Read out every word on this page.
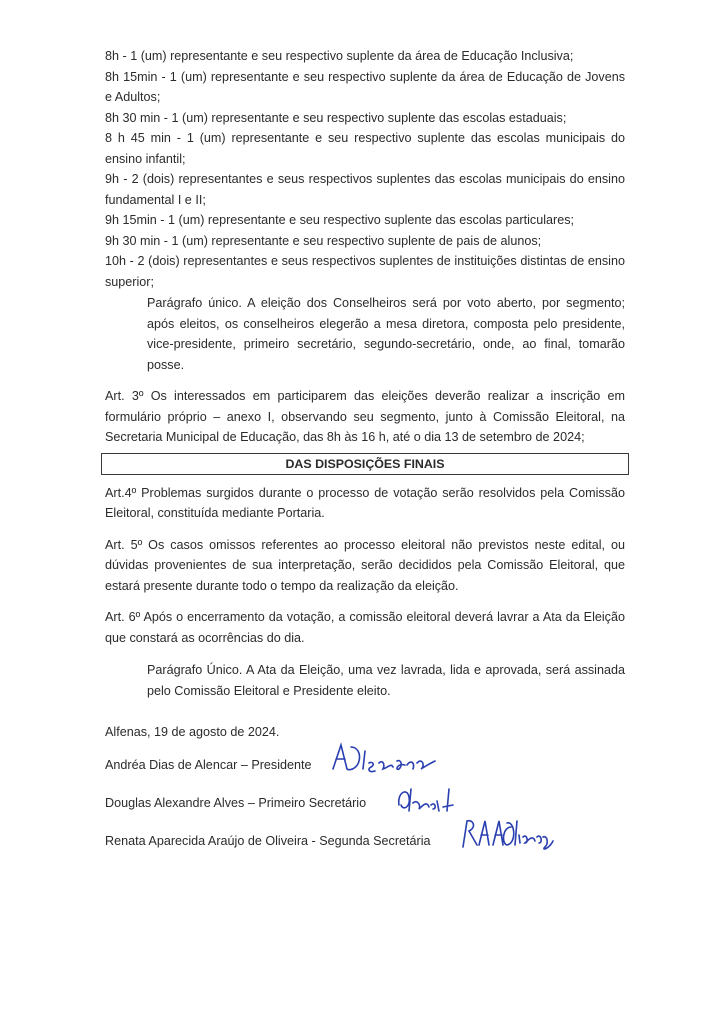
8h - 1 (um) representante e seu respectivo suplente da área de Educação Inclusiva;

8h 15min - 1 (um) representante e seu respectivo suplente da área de Educação de Jovens e Adultos;

8h 30 min - 1 (um) representante e seu respectivo suplente das escolas estaduais;

8 h 45 min - 1 (um) representante e seu respectivo suplente das escolas municipais do ensino infantil;

9h - 2 (dois) representantes e seus respectivos suplentes das escolas municipais do ensino fundamental I e II;

9h 15min - 1 (um) representante e seu respectivo suplente das escolas particulares;

9h 30 min - 1 (um) representante e seu respectivo suplente de pais de alunos;

10h - 2 (dois) representantes e seus respectivos suplentes de instituições distintas de ensino superior;

Parágrafo único. A eleição dos Conselheiros será por voto aberto, por segmento; após eleitos, os conselheiros elegerão a mesa diretora, composta pelo presidente, vice-presidente, primeiro secretário, segundo-secretário, onde, ao final, tomarão posse.

Art. 3º Os interessados em participarem das eleições deverão realizar a inscrição em formulário próprio – anexo I, observando seu segmento, junto à Comissão Eleitoral, na Secretaria Municipal de Educação, das 8h às 16 h, até o dia 13 de setembro de 2024;

DAS DISPOSIÇÕES FINAIS

Art.4º Problemas surgidos durante o processo de votação serão resolvidos pela Comissão Eleitoral, constituída mediante Portaria.

Art. 5º Os casos omissos referentes ao processo eleitoral não previstos neste edital, ou dúvidas provenientes de sua interpretação, serão decididos pela Comissão Eleitoral, que estará presente durante todo o tempo da realização da eleição.

Art. 6º Após o encerramento da votação, a comissão eleitoral deverá lavrar a Ata da Eleição que constará as ocorrências do dia.

Parágrafo Único. A Ata da Eleição, uma vez lavrada, lida e aprovada, será assinada pelo Comissão Eleitoral e Presidente eleito.

Alfenas, 19 de agosto de 2024.
Andréa Dias de Alencar – Presidente
Douglas Alexandre Alves – Primeiro Secretário
Renata Aparecida Araújo de Oliveira - Segunda Secretária
